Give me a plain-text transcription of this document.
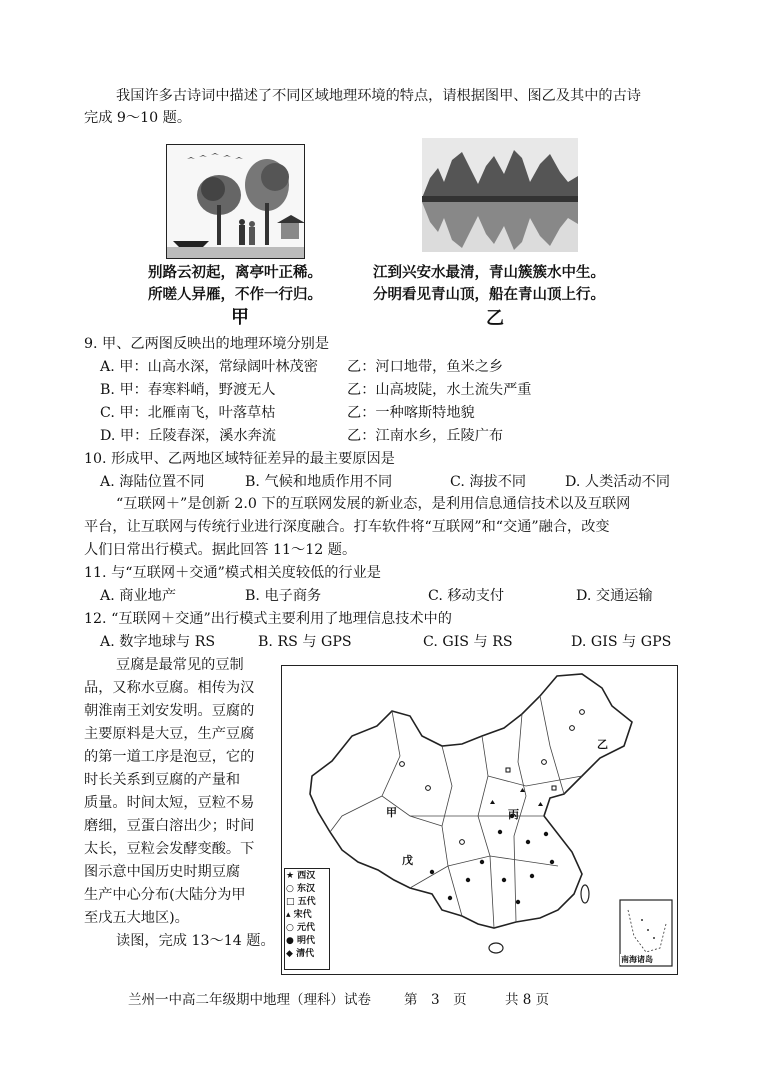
我国许多古诗词中描述了不同区域地理环境的特点，请根据图甲、图乙及其中的古诗
完成 9～10 题。
别路云初起，离亭叶正稀。
所嗟人异雁，不作一行归。
甲
江到兴安水最清，青山簇簇水中生。
分明看见青山顶，船在青山顶上行。
乙
9. 甲、乙两图反映出的地理环境分别是
A. 甲：山高水深，常绿阔叶林茂密 乙：河口地带，鱼米之乡
B. 甲：春寒料峭，野渡无人	乙：山高坡陡，水土流失严重
C. 甲：北雁南飞，叶落草枯	乙：一种喀斯特地貌
D. 甲：丘陵春深，溪水奔流	乙：江南水乡，丘陵广布
10. 形成甲、乙两地区域特征差异的最主要原因是
A. 海陆位置不同	B. 气候和地质作用不同	C. 海拔不同	D. 人类活动不同
“互联网＋”是创新 2.0 下的互联网发展的新业态，是利用信息通信技术以及互联网
平台，让互联网与传统行业进行深度融合。打车软件将“互联网”和“交通”融合，改变
人们日常出行模式。据此回答 11～12 题。
11. 与“互联网＋交通”模式相关度较低的行业是
A. 商业地产	B. 电子商务	C. 移动支付	D. 交通运输
12. “互联网＋交通”出行模式主要利用了地理信息技术中的
A. 数字地球与 RS	B. RS 与 GPS	C. GIS 与 RS	D. GIS 与 GPS
豆腐是最常见的豆制
品，又称水豆腐。相传为汉
朝淮南王刘安发明。豆腐的
主要原料是大豆，生产豆腐
的第一道工序是泡豆，它的
时长关系到豆腐的产量和
质量。时间太短，豆粒不易
磨细，豆蛋白溶出少；时间
太长，豆粒会发酵变酸。下
图示意中国历史时期豆腐
生产中心分布(大陆分为甲
至戊五大地区)。
读图，完成 13～14 题。
甲
乙
丙
戊
南海诸岛
★ 西汉
○ 东汉
□ 五代
▴ 宋代
○ 元代
● 明代
◆ 清代
兰州一中高二年级期中地理（理科）试卷 第　3　页	共 8 页
